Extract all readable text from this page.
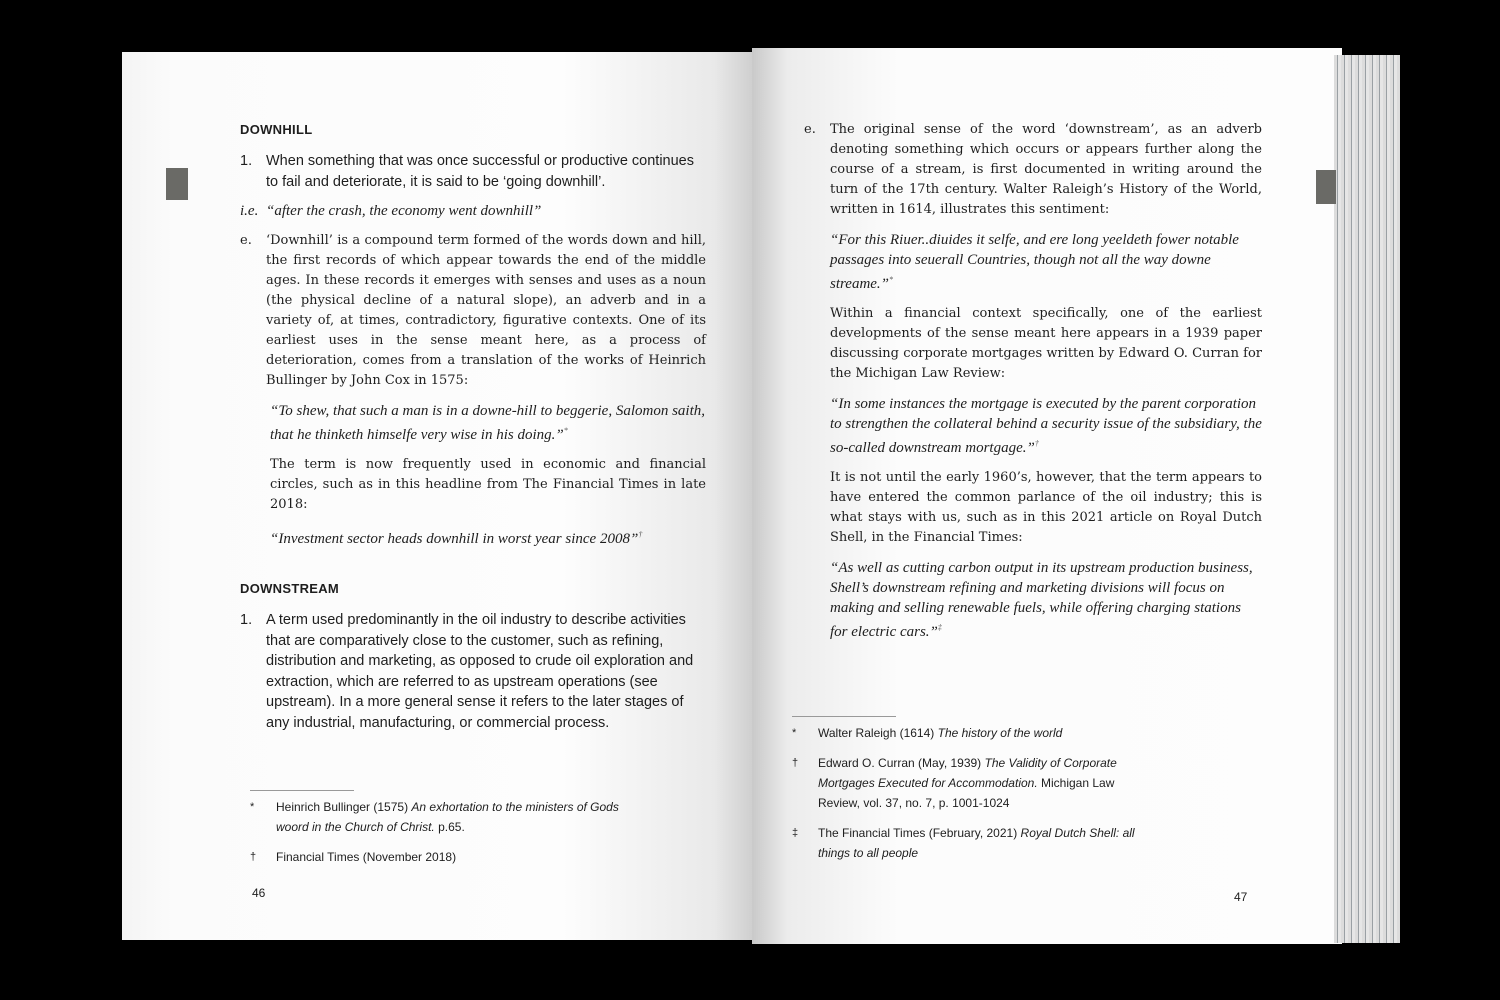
DOWNHILL
1. When something that was once successful or productive continues to fail and deteriorate, it is said to be ‘going downhill’.
i.e. “after the crash, the economy went downhill”
e. ‘Downhill’ is a compound term formed of the words down and hill, the first records of which appear towards the end of the middle ages. In these records it emerges with senses and uses as a noun (the physical decline of a natural slope), an adverb and in a variety of, at times, contradictory, figurative contexts. One of its earliest uses in the sense meant here, as a process of deterioration, comes from a translation of the works of Heinrich Bullinger by John Cox in 1575:
“To shew, that such a man is in a downe-hill to beggerie, Salomon saith, that he thinketh himselfe very wise in his doing.”*
The term is now frequently used in economic and financial circles, such as in this headline from The Financial Times in late 2018:
“Investment sector heads downhill in worst year since 2008”†
DOWNSTREAM
1. A term used predominantly in the oil industry to describe activities that are comparatively close to the customer, such as refining, distribution and marketing, as opposed to crude oil exploration and extraction, which are referred to as upstream operations (see upstream). In a more general sense it refers to the later stages of any industrial, manufacturing, or commercial process.
* Heinrich Bullinger (1575) An exhortation to the ministers of Gods woord in the Church of Christ. p.65.
† Financial Times (November 2018)
46
e. The original sense of the word ‘downstream’, as an adverb denoting something which occurs or appears further along the course of a stream, is first documented in writing around the turn of the 17th century. Walter Raleigh’s History of the World, written in 1614, illustrates this sentiment:
“For this Riuer..diuides it selfe, and ere long yeeldeth fower notable passages into seuerall Countries, though not all the way downe streame.”*
Within a financial context specifically, one of the earliest developments of the sense meant here appears in a 1939 paper discussing corporate mortgages written by Edward O. Curran for the Michigan Law Review:
“In some instances the mortgage is executed by the parent corporation to strengthen the collateral behind a security issue of the subsidiary, the so-called downstream mortgage.”†
It is not until the early 1960’s, however, that the term appears to have entered the common parlance of the oil industry; this is what stays with us, such as in this 2021 article on Royal Dutch Shell, in the Financial Times:
“As well as cutting carbon output in its upstream production business, Shell’s downstream refining and marketing divisions will focus on making and selling renewable fuels, while offering charging stations for electric cars.”‡
* Walter Raleigh (1614) The history of the world
† Edward O. Curran (May, 1939) The Validity of Corporate Mortgages Executed for Accommodation. Michigan Law Review, vol. 37, no. 7, p. 1001-1024
‡ The Financial Times (February, 2021) Royal Dutch Shell: all things to all people
47
